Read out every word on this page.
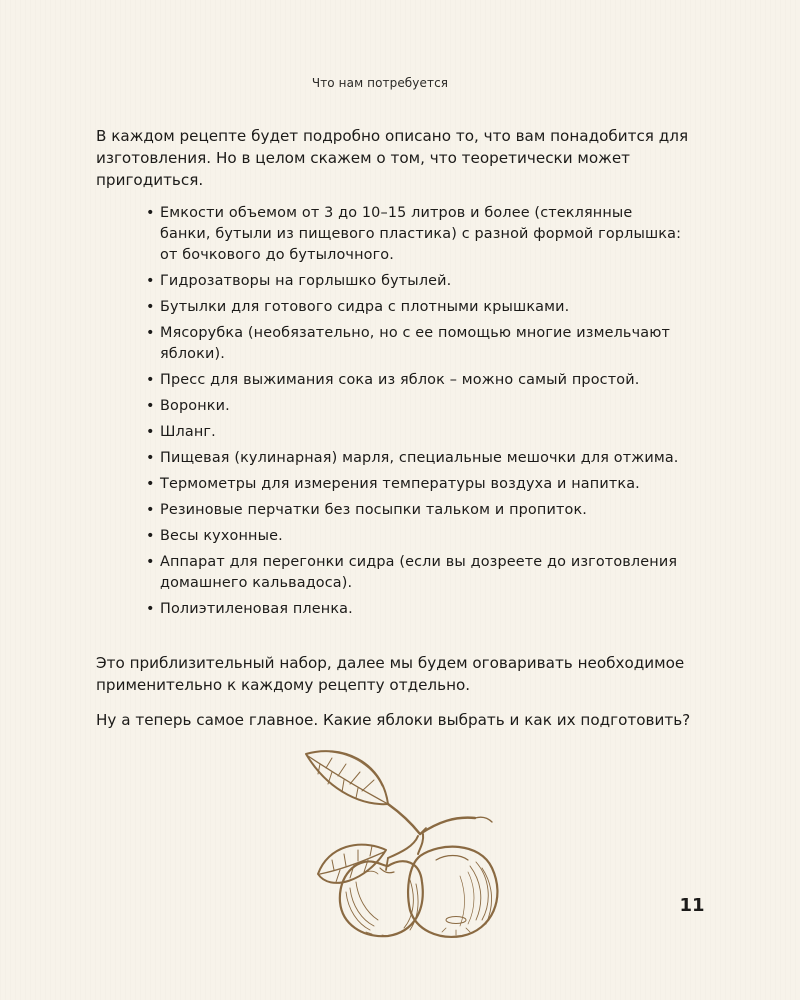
Что нам потребуется

В каждом рецепте будет подробно описано то, что вам понадобится для изготовления. Но в целом скажем о том, что теоретически может пригодиться.

• Емкости объемом от 3 до 10–15 литров и более (стеклянные банки, бутыли из пищевого пластика) с разной формой горлышка: от бочкового до бутылочного.
• Гидрозатворы на горлышко бутылей.
• Бутылки для готового сидра с плотными крышками.
• Мясорубка (необязательно, но с ее помощью многие измельчают яблоки).
• Пресс для выжимания сока из яблок – можно самый простой.
• Воронки.
• Шланг.
• Пищевая (кулинарная) марля, специальные мешочки для отжима.
• Термометры для измерения температуры воздуха и напитка.
• Резиновые перчатки без посыпки тальком и пропиток.
• Весы кухонные.
• Аппарат для перегонки сидра (если вы дозреете до изготовления домашнего кальвадоса).
• Полиэтиленовая пленка.

Это приблизительный набор, далее мы будем оговаривать необходимое применительно к каждому рецепту отдельно.

Ну а теперь самое главное. Какие яблоки выбрать и как их подготовить?

11
